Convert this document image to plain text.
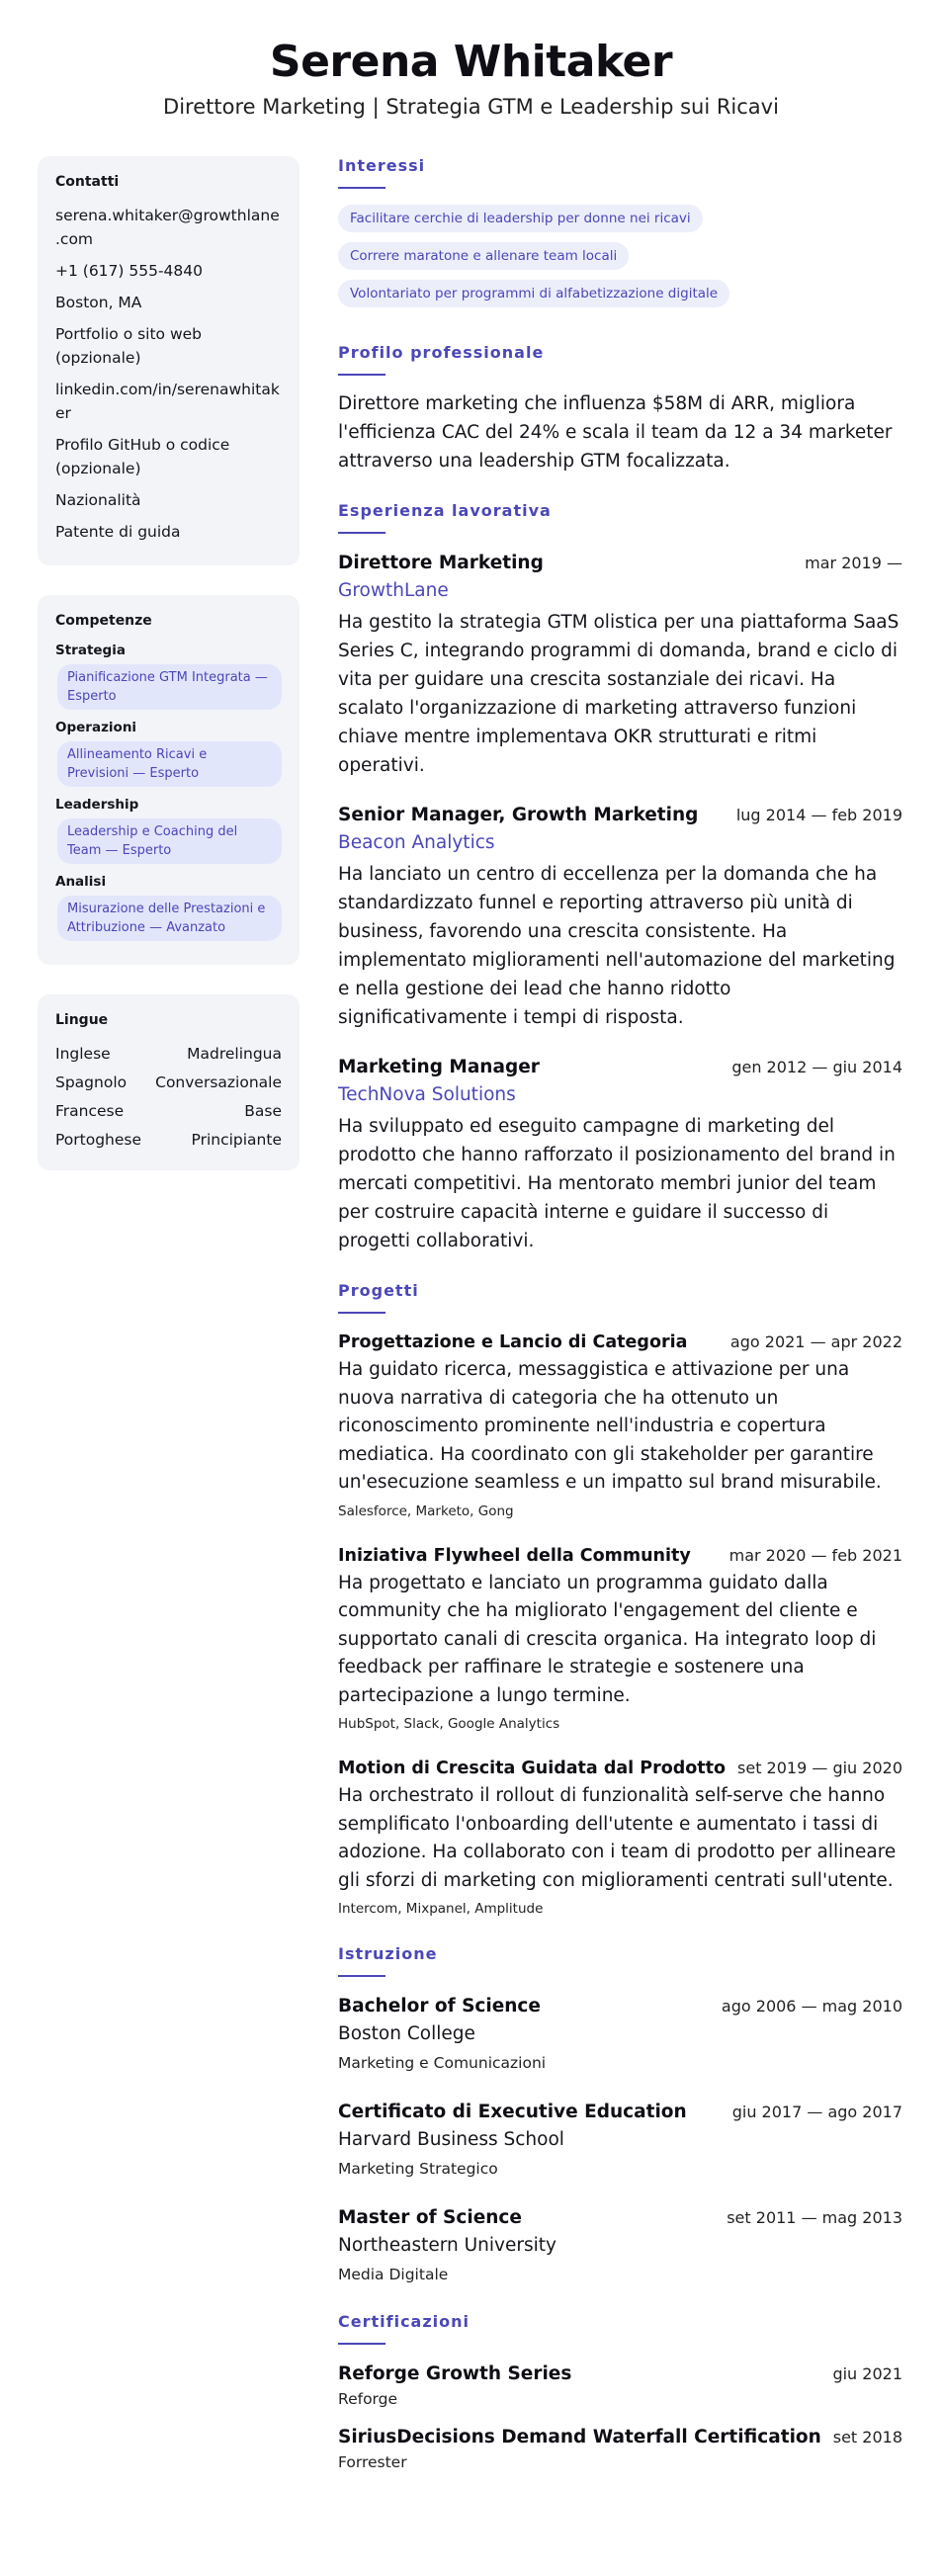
Serena Whitaker
Direttore Marketing | Strategia GTM e Leadership sui Ricavi
Contatti
serena.whitaker@growthlane.com
+1 (617) 555-4840
Boston, MA
Portfolio o sito web (opzionale)
linkedin.com/in/serenawhitaker
Profilo GitHub o codice (opzionale)
Nazionalità
Patente di guida
Competenze
Strategia
Pianificazione GTM Integrata — Esperto
Operazioni
Allineamento Ricavi e Previsioni — Esperto
Leadership
Leadership e Coaching del Team — Esperto
Analisi
Misurazione delle Prestazioni e Attribuzione — Avanzato
Lingue
Inglese	Madrelingua
Spagnolo Conversazionale
Francese	Base
Portoghese	Principiante
Interessi
Facilitare cerchie di leadership per donne nei ricavi
Correre maratone e allenare team locali
Volontariato per programmi di alfabetizzazione digitale
Profilo professionale
Direttore marketing che influenza $58M di ARR, migliora l'efficienza CAC del 24% e scala il team da 12 a 34 marketer attraverso una leadership GTM focalizzata.
Esperienza lavorativa
Direttore Marketing	mar 2019 —
GrowthLane
Ha gestito la strategia GTM olistica per una piattaforma SaaS Series C, integrando programmi di domanda, brand e ciclo di vita per guidare una crescita sostanziale dei ricavi. Ha scalato l'organizzazione di marketing attraverso funzioni chiave mentre implementava OKR strutturati e ritmi operativi.
Senior Manager, Growth Marketing lug 2014 — feb 2019
Beacon Analytics
Ha lanciato un centro di eccellenza per la domanda che ha standardizzato funnel e reporting attraverso più unità di business, favorendo una crescita consistente. Ha implementato miglioramenti nell'automazione del marketing e nella gestione dei lead che hanno ridotto significativamente i tempi di risposta.
Marketing Manager	gen 2012 — giu 2014
TechNova Solutions
Ha sviluppato ed eseguito campagne di marketing del prodotto che hanno rafforzato il posizionamento del brand in mercati competitivi. Ha mentorato membri junior del team per costruire capacità interne e guidare il successo di progetti collaborativi.
Progetti
Progettazione e Lancio di Categoria	ago 2021 — apr 2022
Ha guidato ricerca, messaggistica e attivazione per una nuova narrativa di categoria che ha ottenuto un riconoscimento prominente nell'industria e copertura mediatica. Ha coordinato con gli stakeholder per garantire un'esecuzione seamless e un impatto sul brand misurabile.
Salesforce, Marketo, Gong
Iniziativa Flywheel della Community mar 2020 — feb 2021
Ha progettato e lanciato un programma guidato dalla community che ha migliorato l'engagement del cliente e supportato canali di crescita organica. Ha integrato loop di feedback per raffinare le strategie e sostenere una partecipazione a lungo termine.
HubSpot, Slack, Google Analytics
Motion di Crescita Guidata dal Prodotto set 2019 — giu 2020
Ha orchestrato il rollout di funzionalità self-serve che hanno semplificato l'onboarding dell'utente e aumentato i tassi di adozione. Ha collaborato con i team di prodotto per allineare gli sforzi di marketing con miglioramenti centrati sull'utente.
Intercom, Mixpanel, Amplitude
Istruzione
Bachelor of Science	ago 2006 — mag 2010
Boston College
Marketing e Comunicazioni
Certificato di Executive Education	giu 2017 — ago 2017
Harvard Business School
Marketing Strategico
Master of Science	set 2011 — mag 2013
Northeastern University
Media Digitale
Certificazioni
Reforge Growth Series	giu 2021
Reforge
SiriusDecisions Demand Waterfall Certification set 2018
Forrester
